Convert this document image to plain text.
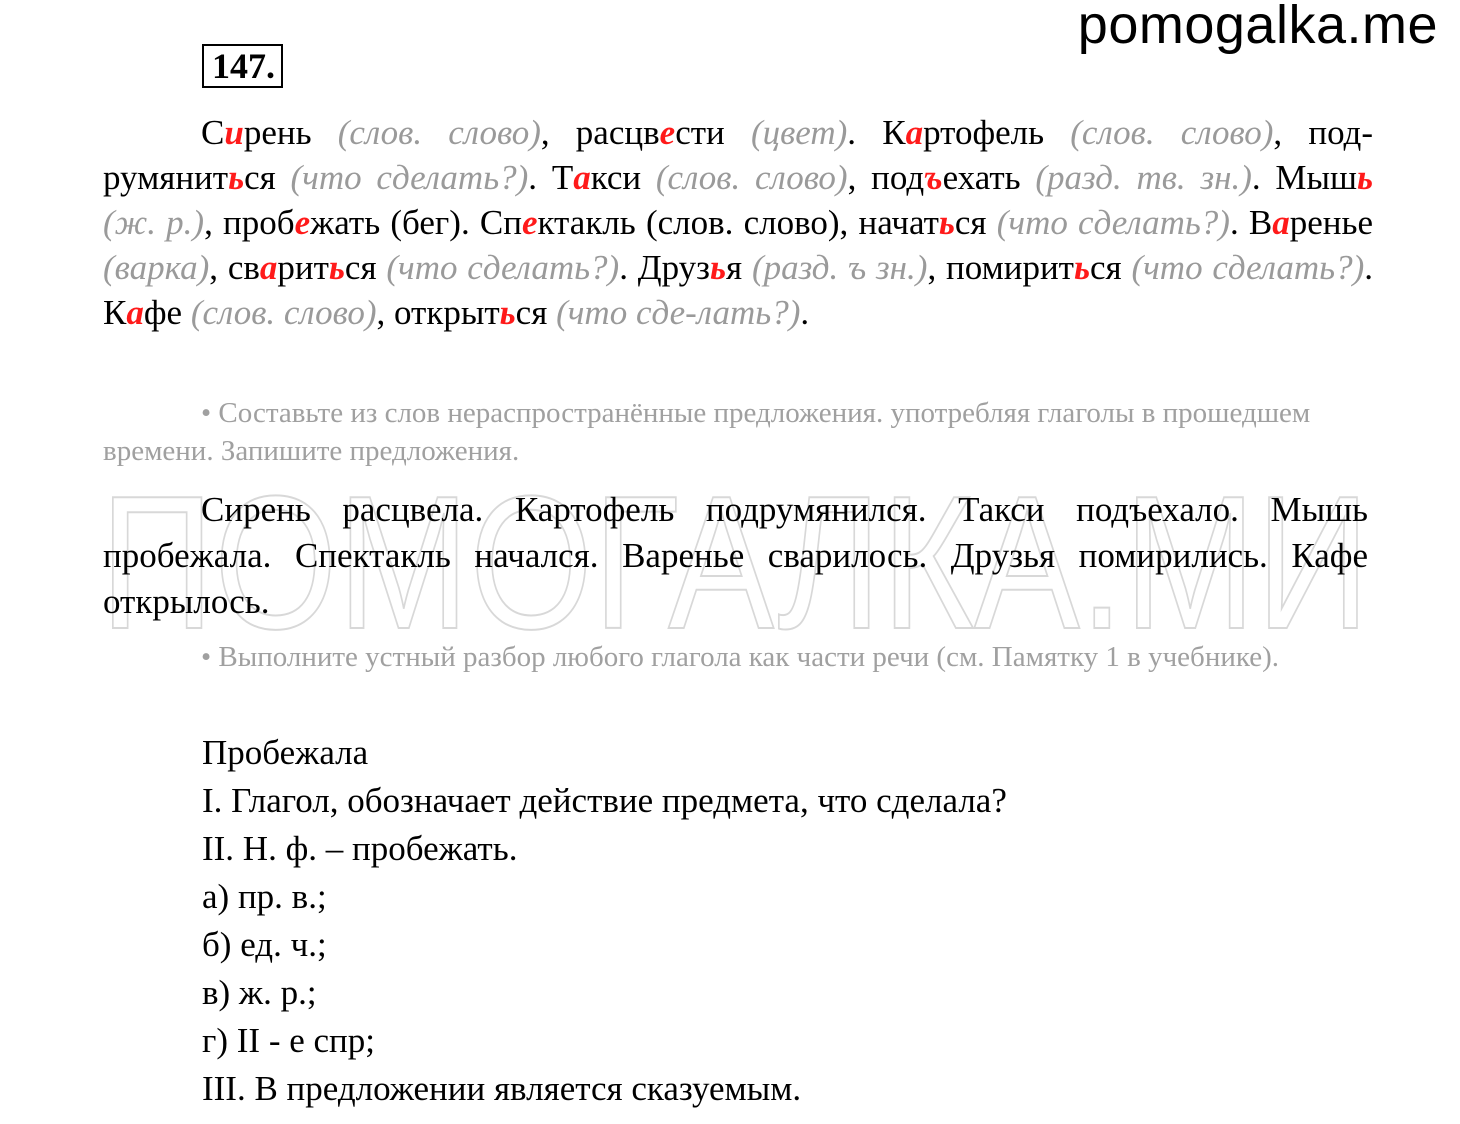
pomogalka.me
ПОМОГАЛКА.МИ
147.

Сирень (слов. слово), расцвести (цвет). Картофель (слов. слово), под-румяниться (что сделать?). Такси (слов. слово), подъехать (разд. тв. зн.). Мышь (ж. р.), пробежать (бег). Спектакль (слов. слово), начаться (что сделать?). Варенье (варка), свариться (что сделать?). Друзья (разд. ъ зн.), помириться (что сделать?). Кафе (слов. слово), открыться (что сде-лать?).

• Составьте из слов нераспространённые предложения. употребляя глаголы в прошедшем времени. Запишите предложения.

Сирень расцвела. Картофель подрумянился. Такси подъехало. Мышь пробежала. Спектакль начался. Варенье сварилось. Друзья помирились. Кафе открылось.

• Выполните устный разбор любого глагола как части речи (см. Памятку 1 в учебнике).

Пробежала
I. Глагол, обозначает действие предмета, что сделала?
II. Н. ф. – пробежать.
а) пр. в.;
б) ед. ч.;
в) ж. р.;
г) II - е спр;
III. В предложении является сказуемым.
